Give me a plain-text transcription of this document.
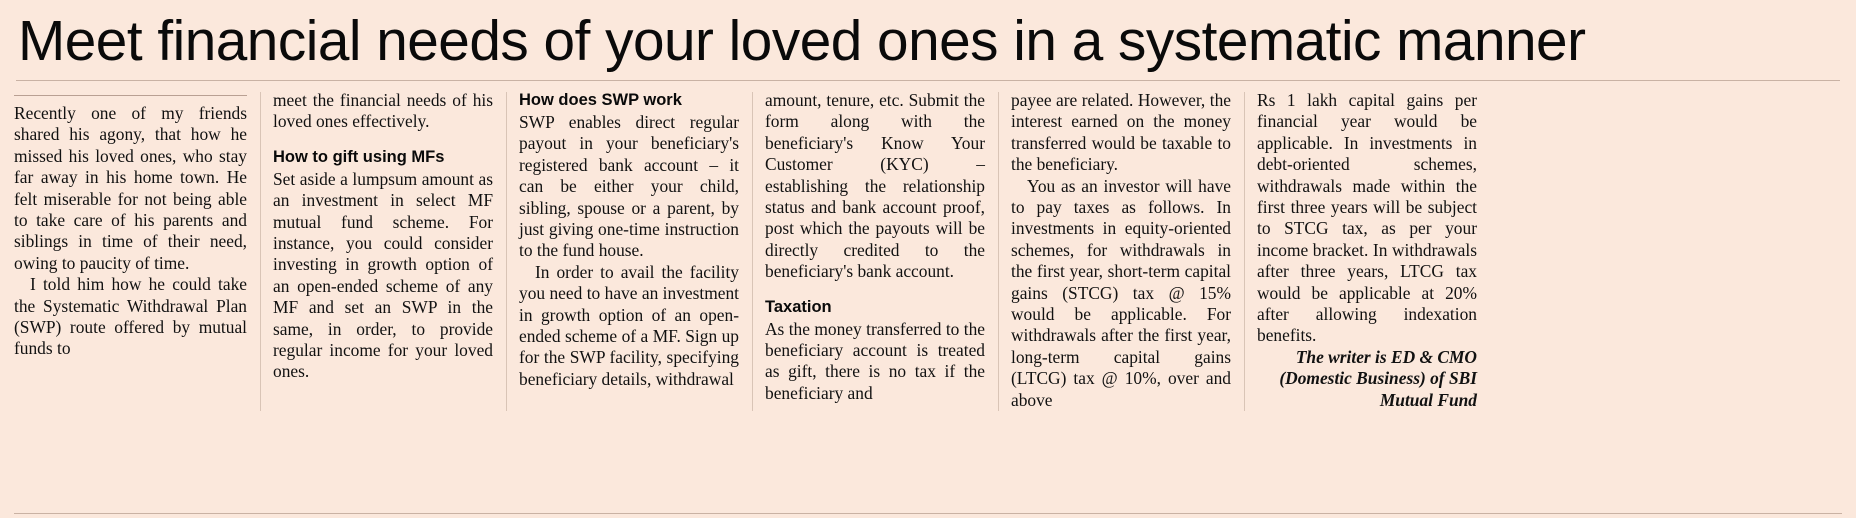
Meet financial needs of your loved ones in a systematic manner

Recently one of my friends shared his agony, that how he missed his loved ones, who stay far away in his home town. He felt miserable for not being able to take care of his parents and siblings in time of their need, owing to paucity of time.

I told him how he could take the Systematic Withdrawal Plan (SWP) route offered by mutual funds to

meet the financial needs of his loved ones effectively.

How to gift using MFs

Set aside a lumpsum amount as an investment in select MF mutual fund scheme. For instance, you could consider investing in growth option of an open-ended scheme of any MF and set an SWP in the same, in order, to provide regular income for your loved ones.

How does SWP work

SWP enables direct regular payout in your beneficiary's registered bank account – it can be either your child, sibling, spouse or a parent, by just giving one-time instruction to the fund house.

In order to avail the facility you need to have an investment in growth option of an open-ended scheme of a MF. Sign up for the SWP facility, specifying beneficiary details, withdrawal

amount, tenure, etc. Submit the form along with the beneficiary's Know Your Customer (KYC) – establishing the relationship status and bank account proof, post which the payouts will be directly credited to the beneficiary's bank account.

Taxation

As the money transferred to the beneficiary account is treated as gift, there is no tax if the beneficiary and

payee are related. However, the interest earned on the money transferred would be taxable to the beneficiary.

You as an investor will have to pay taxes as follows. In investments in equity-oriented schemes, for withdrawals in the first year, short-term capital gains (STCG) tax @ 15% would be applicable. For withdrawals after the first year, long-term capital gains (LTCG) tax @ 10%, over and above

Rs 1 lakh capital gains per financial year would be applicable. In investments in debt-oriented schemes, withdrawals made within the first three years will be subject to STCG tax, as per your income bracket. In withdrawals after three years, LTCG tax would be applicable at 20% after allowing indexation benefits.

The writer is ED & CMO (Domestic Business) of SBI Mutual Fund
